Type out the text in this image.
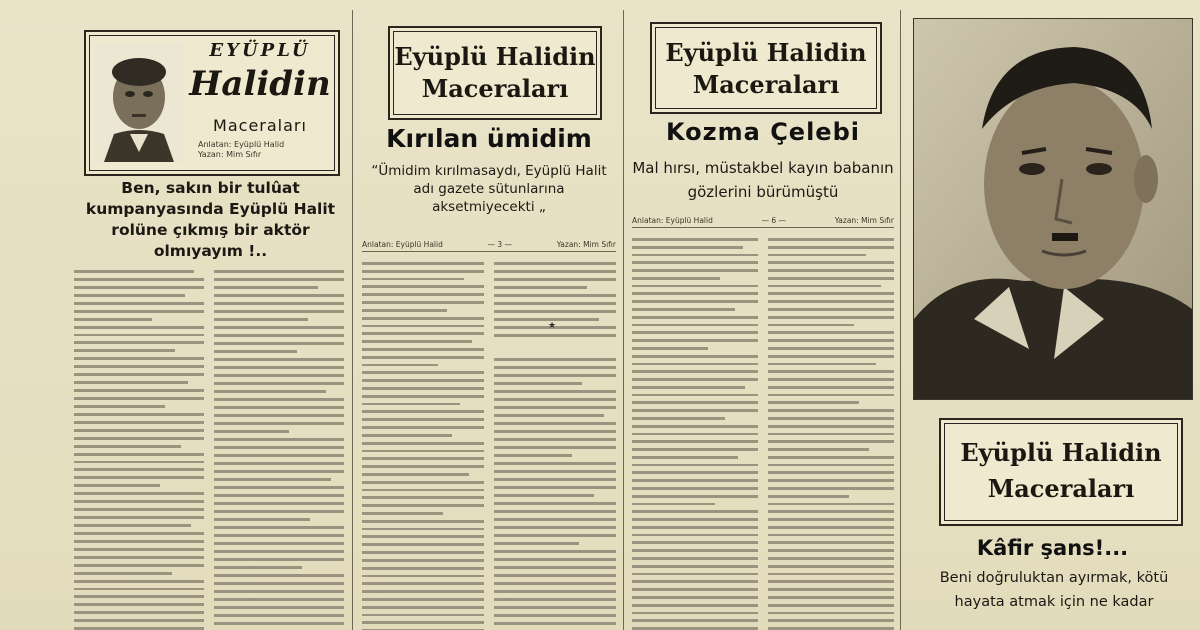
EYÜPLÜ
Halidin
Maceraları
Anlatan: Eyüplü Halid
Yazan: Mim Sıfır
Ben, sakın bir tulûat kumpanyasında Eyüplü Halit rolüne çıkmış bir aktör olmıyayım !..
Eyüplü Halidin
Maceraları
Kırılan ümidim
“Ümidim kırılmasaydı, Eyüplü Halit adı gazete sütunlarına aksetmiyecekti „
Anlatan: Eyüplü Halid	— 3 —	Yazan: Mim Sıfır
★
Eyüplü Halidin
Maceraları
Kozma Çelebi
Mal hırsı, müstakbel kayın babanın gözlerini bürümüştü
Anlatan: Eyüplü Halid	— 6 —	Yazan: Mim Sıfır
Eyüplü Halidin
Maceraları
Kâfir şans!...
Beni doğruluktan ayırmak, kötü hayata atmak için ne kadar
